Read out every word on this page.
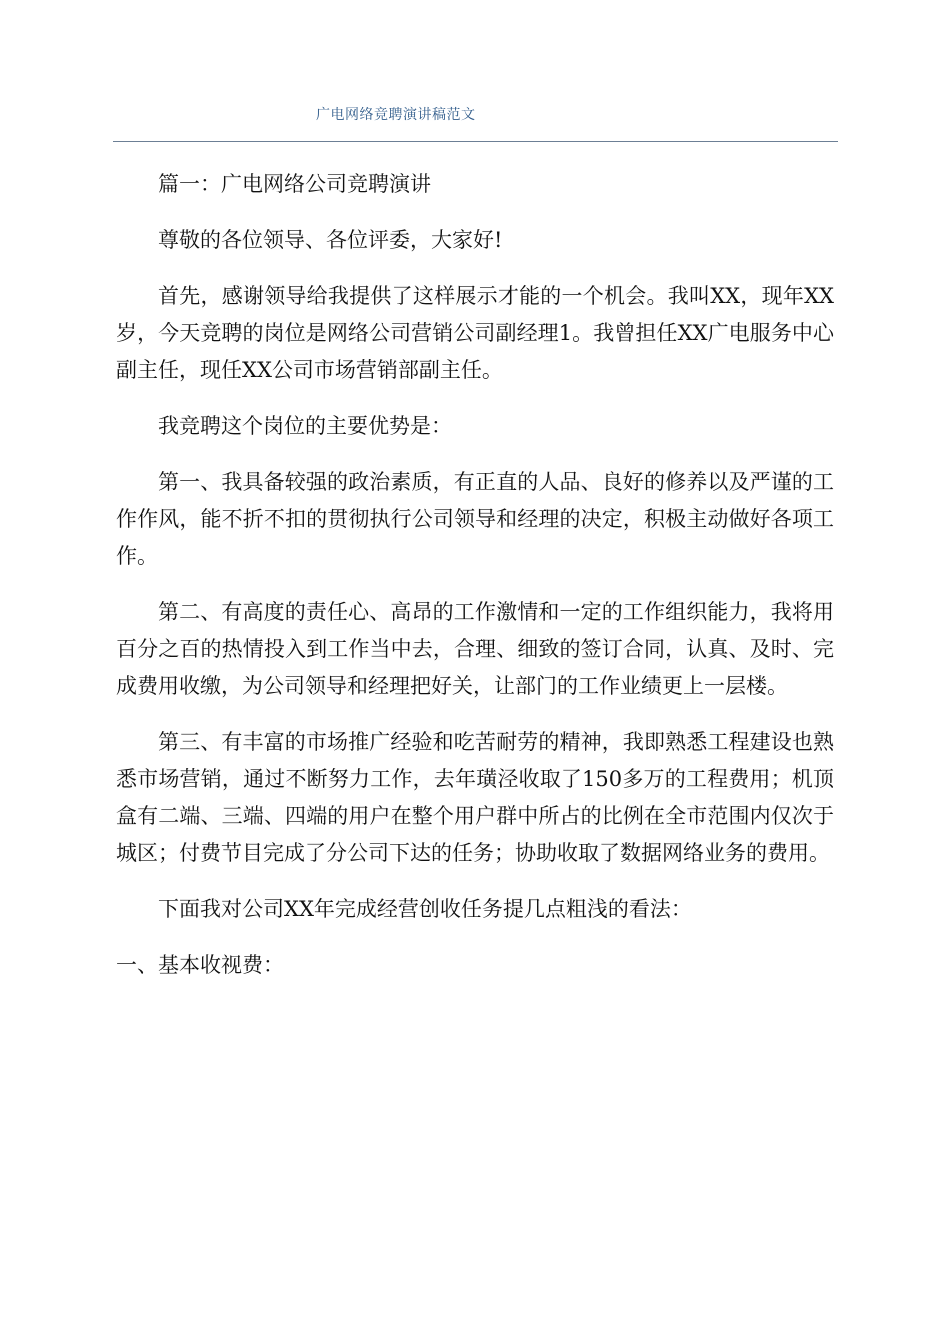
广电网络竞聘演讲稿范文

篇一：广电网络公司竞聘演讲

尊敬的各位领导、各位评委，大家好!

首先，感谢领导给我提供了这样展示才能的一个机会。我叫XX，现年XX岁，今天竞聘的岗位是网络公司营销公司副经理1。我曾担任XX广电服务中心副主任，现任XX公司市场营销部副主任。

我竞聘这个岗位的主要优势是：

第一、我具备较强的政治素质，有正直的人品、良好的修养以及严谨的工作作风，能不折不扣的贯彻执行公司领导和经理的决定，积极主动做好各项工作。

第二、有高度的责任心、高昂的工作激情和一定的工作组织能力，我将用百分之百的热情投入到工作当中去，合理、细致的签订合同，认真、及时、完成费用收缴，为公司领导和经理把好关，让部门的工作业绩更上一层楼。

第三、有丰富的市场推广经验和吃苦耐劳的精神，我即熟悉工程建设也熟悉市场营销，通过不断努力工作，去年璜泾收取了150多万的工程费用；机顶盒有二端、三端、四端的用户在整个用户群中所占的比例在全市范围内仅次于城区；付费节目完成了分公司下达的任务；协助收取了数据网络业务的费用。

下面我对公司XX年完成经营创收任务提几点粗浅的看法：

一、基本收视费：
